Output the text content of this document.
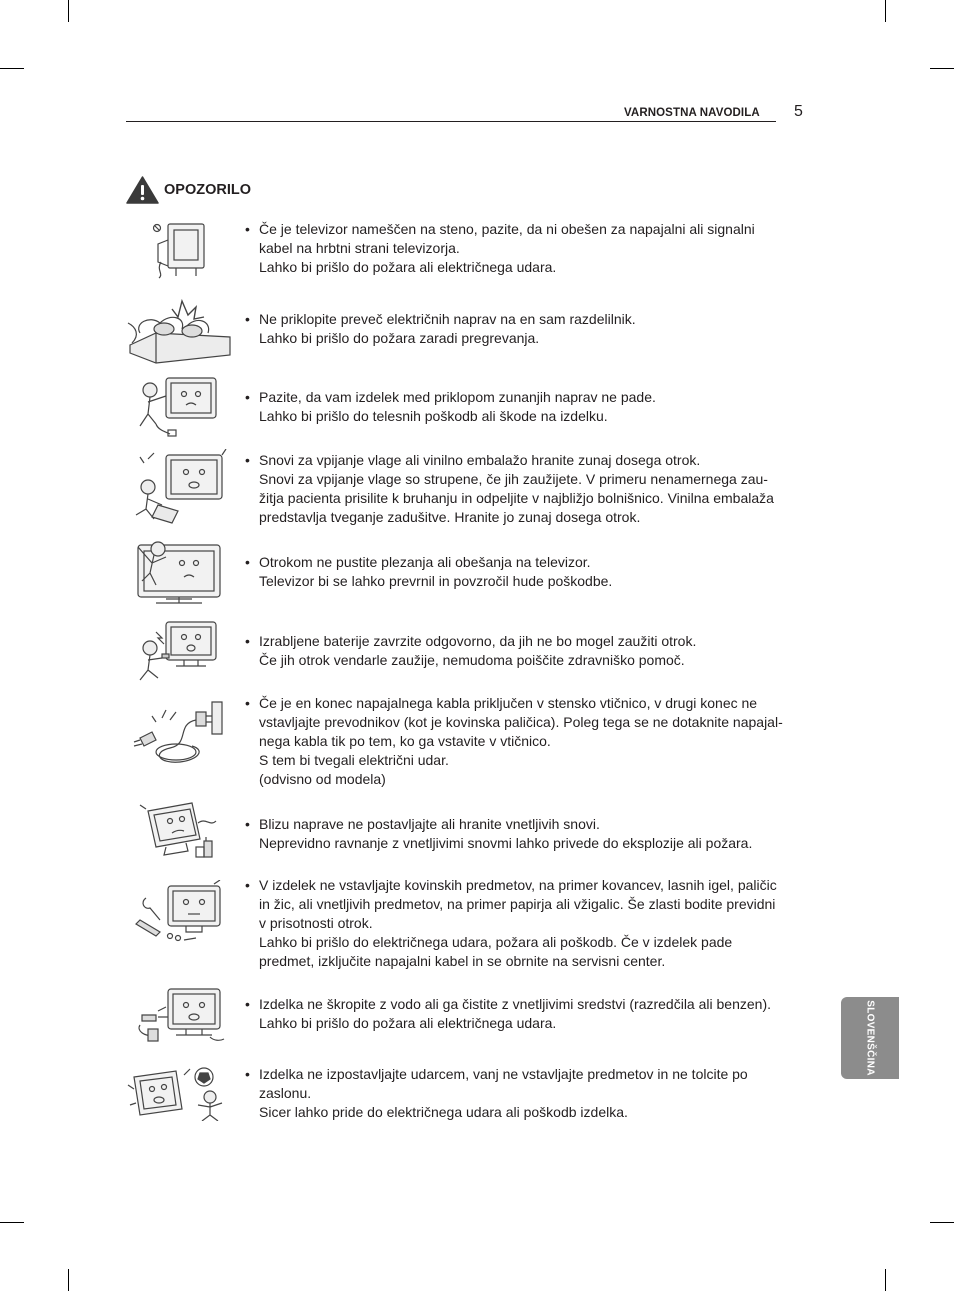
VARNOSTNA NAVODILA 5
OPOZORILO
• Če je televizor nameščen na steno, pazite, da ni obešen za napajalni ali signalni

kabel na hrbtni strani televizorja.

Lahko bi prišlo do požara ali električnega udara.

• Ne priklopite preveč električnih naprav na en sam razdelilnik.

Lahko bi prišlo do požara zaradi pregrevanja.

• Pazite, da vam izdelek med priklopom zunanjih naprav ne pade.

Lahko bi prišlo do telesnih poškodb ali škode na izdelku.

• Snovi za vpijanje vlage ali vinilno embalažo hranite zunaj dosega otrok.

Snovi za vpijanje vlage so strupene, če jih zaužijete. V primeru nenamernega zau-

žitja pacienta prisilite k bruhanju in odpeljite v najbližjo bolnišnico. Vinilna embalaža

predstavlja tveganje zadušitve. Hranite jo zunaj dosega otrok.

• Otrokom ne pustite plezanja ali obešanja na televizor.

Televizor bi se lahko prevrnil in povzročil hude poškodbe.

• Izrabljene baterije zavrzite odgovorno, da jih ne bo mogel zaužiti otrok.

Če jih otrok vendarle zaužije, nemudoma poiščite zdravniško pomoč.

• Če je en konec napajalnega kabla priključen v stensko vtičnico, v drugi konec ne

vstavljajte prevodnikov (kot je kovinska paličica). Poleg tega se ne dotaknite napajal-

nega kabla tik po tem, ko ga vstavite v vtičnico.

S tem bi tvegali električni udar.

(odvisno od modela)

• Blizu naprave ne postavljajte ali hranite vnetljivih snovi.

Neprevidno ravnanje z vnetljivimi snovmi lahko privede do eksplozije ali požara.

• V izdelek ne vstavljajte kovinskih predmetov, na primer kovancev, lasnih igel, paličic

in žic, ali vnetljivih predmetov, na primer papirja ali vžigalic. Še zlasti bodite previdni

v prisotnosti otrok.

Lahko bi prišlo do električnega udara, požara ali poškodb. Če v izdelek pade

predmet, izključite napajalni kabel in se obrnite na servisni center.

• Izdelka ne škropite z vodo ali ga čistite z vnetljivimi sredstvi (razredčila ali benzen).

Lahko bi prišlo do požara ali električnega udara.

• Izdelka ne izpostavljajte udarcem, vanj ne vstavljajte predmetov in ne tolcite po

zaslonu.

Sicer lahko pride do električnega udara ali poškodb izdelka.

SLOVENŠČINA
